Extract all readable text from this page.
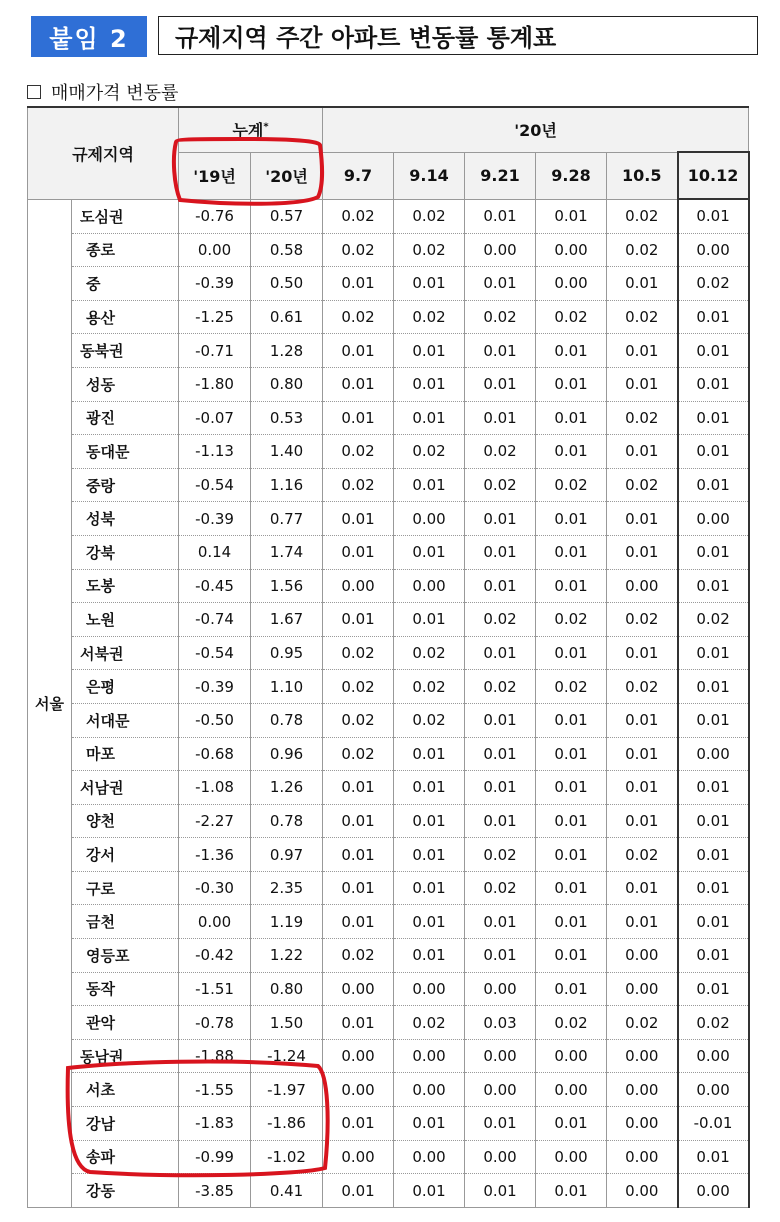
붙임 2	규제지역 주간 아파트 변동률 통계표
매매가격 변동률
규제지역		누계*		'20년					
		'19년	'20년	9.7	9.14	9.21	9.28	10.5	10.12
서울	도심권	-0.76	0.57	0.02	0.02	0.01	0.01	0.02	0.01
	종로	0.00	0.58	0.02	0.02	0.00	0.00	0.02	0.00
	중	-0.39	0.50	0.01	0.01	0.01	0.00	0.01	0.02
	용산	-1.25	0.61	0.02	0.02	0.02	0.02	0.02	0.01
	동북권	-0.71	1.28	0.01	0.01	0.01	0.01	0.01	0.01
	성동	-1.80	0.80	0.01	0.01	0.01	0.01	0.01	0.01
	광진	-0.07	0.53	0.01	0.01	0.01	0.01	0.02	0.01
	동대문	-1.13	1.40	0.02	0.02	0.02	0.01	0.01	0.01
	중랑	-0.54	1.16	0.02	0.01	0.02	0.02	0.02	0.01
	성북	-0.39	0.77	0.01	0.00	0.01	0.01	0.01	0.00
	강북	0.14	1.74	0.01	0.01	0.01	0.01	0.01	0.01
	도봉	-0.45	1.56	0.00	0.00	0.01	0.01	0.00	0.01
	노원	-0.74	1.67	0.01	0.01	0.02	0.02	0.02	0.02
	서북권	-0.54	0.95	0.02	0.02	0.01	0.01	0.01	0.01
	은평	-0.39	1.10	0.02	0.02	0.02	0.02	0.02	0.01
	서대문	-0.50	0.78	0.02	0.02	0.01	0.01	0.01	0.01
	마포	-0.68	0.96	0.02	0.01	0.01	0.01	0.01	0.00
	서남권	-1.08	1.26	0.01	0.01	0.01	0.01	0.01	0.01
	양천	-2.27	0.78	0.01	0.01	0.01	0.01	0.01	0.01
	강서	-1.36	0.97	0.01	0.01	0.02	0.01	0.02	0.01
	구로	-0.30	2.35	0.01	0.01	0.02	0.01	0.01	0.01
	금천	0.00	1.19	0.01	0.01	0.01	0.01	0.01	0.01
	영등포	-0.42	1.22	0.02	0.01	0.01	0.01	0.00	0.01
	동작	-1.51	0.80	0.00	0.00	0.00	0.01	0.00	0.01
	관악	-0.78	1.50	0.01	0.02	0.03	0.02	0.02	0.02
	동남권	-1.88	-1.24	0.00	0.00	0.00	0.00	0.00	0.00
	서초	-1.55	-1.97	0.00	0.00	0.00	0.00	0.00	0.00
	강남	-1.83	-1.86	0.01	0.01	0.01	0.01	0.00	-0.01
	송파	-0.99	-1.02	0.00	0.00	0.00	0.00	0.00	0.01
	강동	-3.85	0.41	0.01	0.01	0.01	0.01	0.00	0.00
